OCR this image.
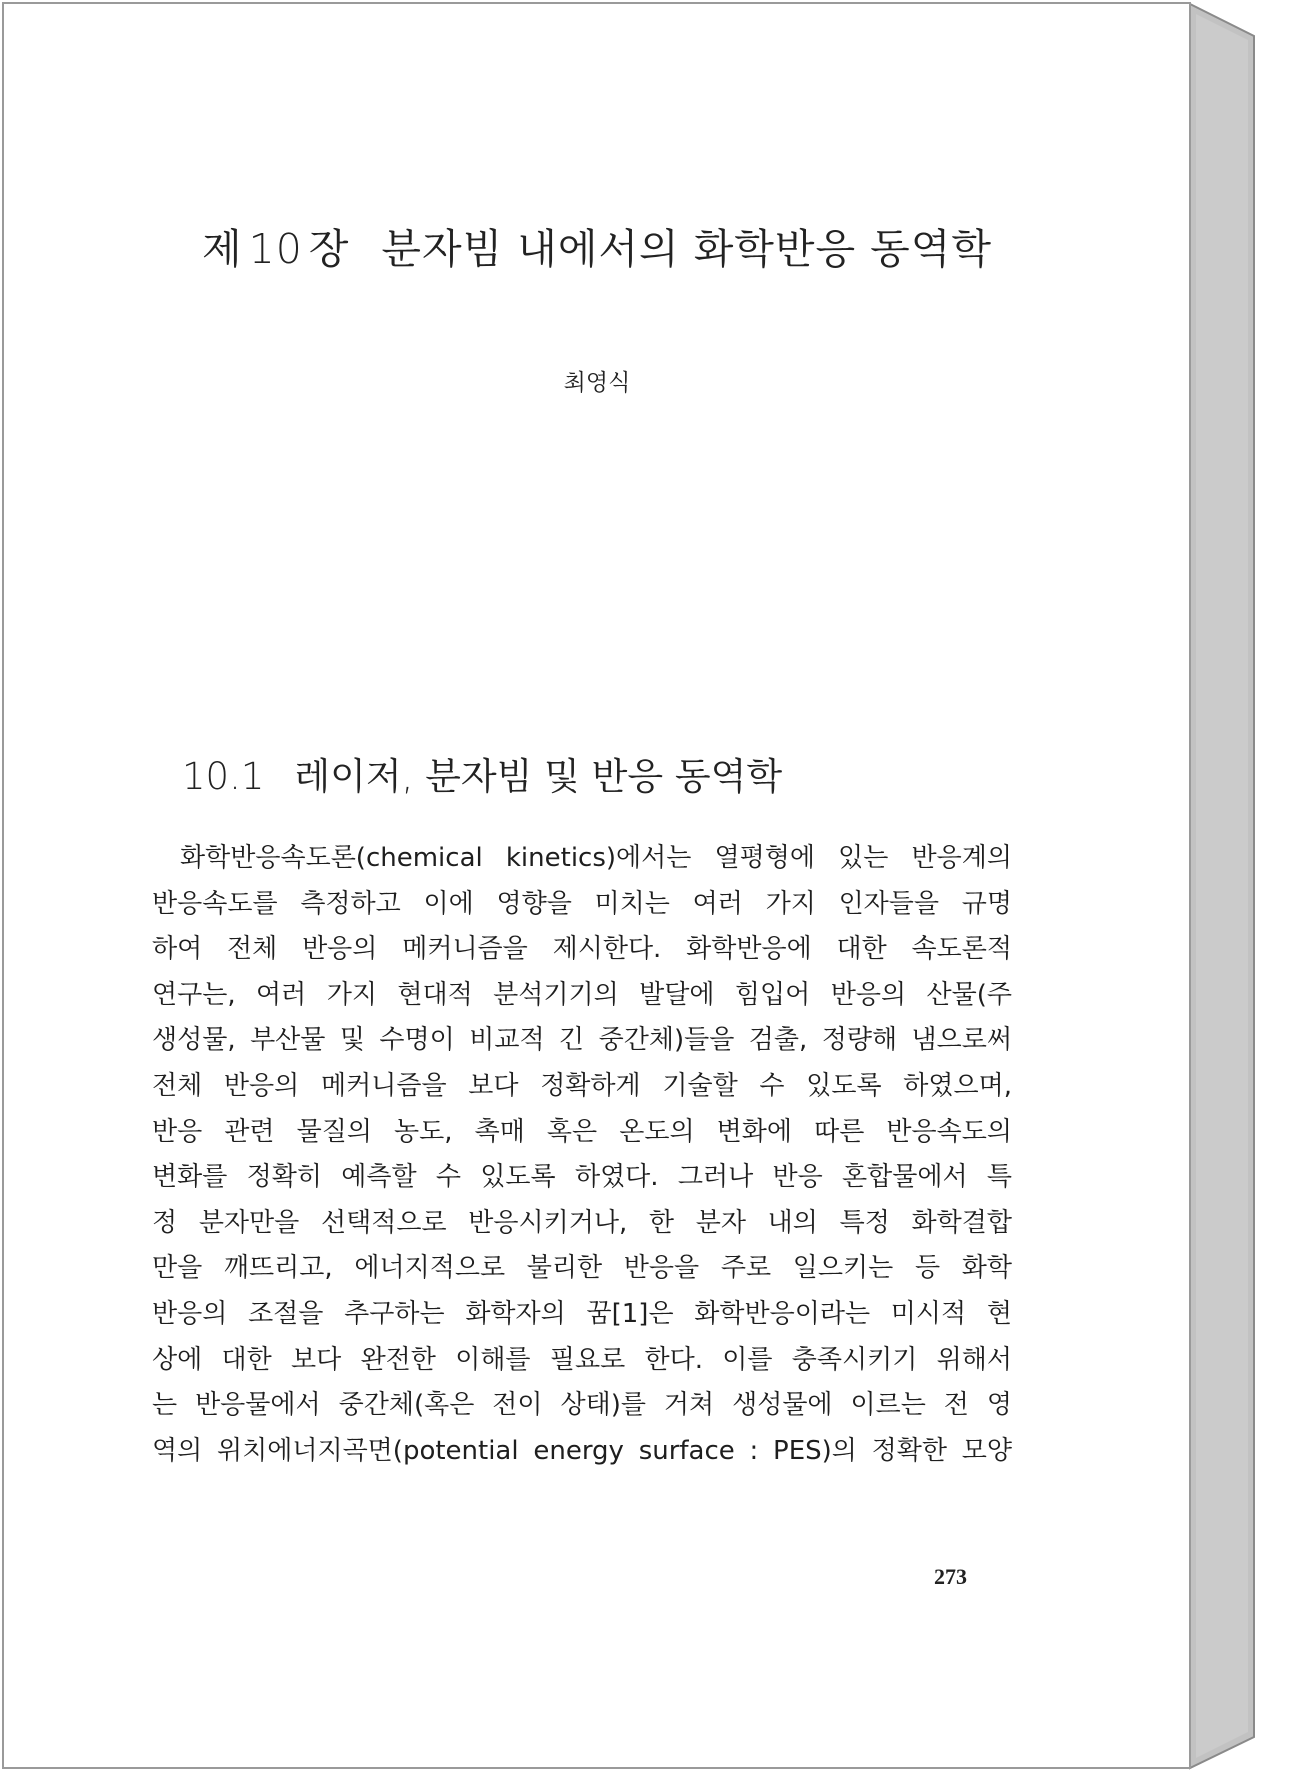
제 10 장 분자빔 내에서의 화학반응 동역학

최영식

10.1 레이저, 분자빔 및 반응 동역학
화학반응속도론(chemical kinetics)에서는 열평형에 있는 반응계의
반응속도를 측정하고 이에 영향을 미치는 여러 가지 인자들을 규명
하여 전체 반응의 메커니즘을 제시한다. 화학반응에 대한 속도론적
연구는, 여러 가지 현대적 분석기기의 발달에 힘입어 반응의 산물(주
생성물, 부산물 및 수명이 비교적 긴 중간체)들을 검출, 정량해 냄으로써
전체 반응의 메커니즘을 보다 정확하게 기술할 수 있도록 하였으며,
반응 관련 물질의 농도, 촉매 혹은 온도의 변화에 따른 반응속도의
변화를 정확히 예측할 수 있도록 하였다. 그러나 반응 혼합물에서 특
정 분자만을 선택적으로 반응시키거나, 한 분자 내의 특정 화학결합
만을 깨뜨리고, 에너지적으로 불리한 반응을 주로 일으키는 등 화학
반응의 조절을 추구하는 화학자의 꿈[1]은 화학반응이라는 미시적 현
상에 대한 보다 완전한 이해를 필요로 한다. 이를 충족시키기 위해서
는 반응물에서 중간체(혹은 전이 상태)를 거쳐 생성물에 이르는 전 영
역의 위치에너지곡면(potential energy surface : PES)의 정확한 모양

273
